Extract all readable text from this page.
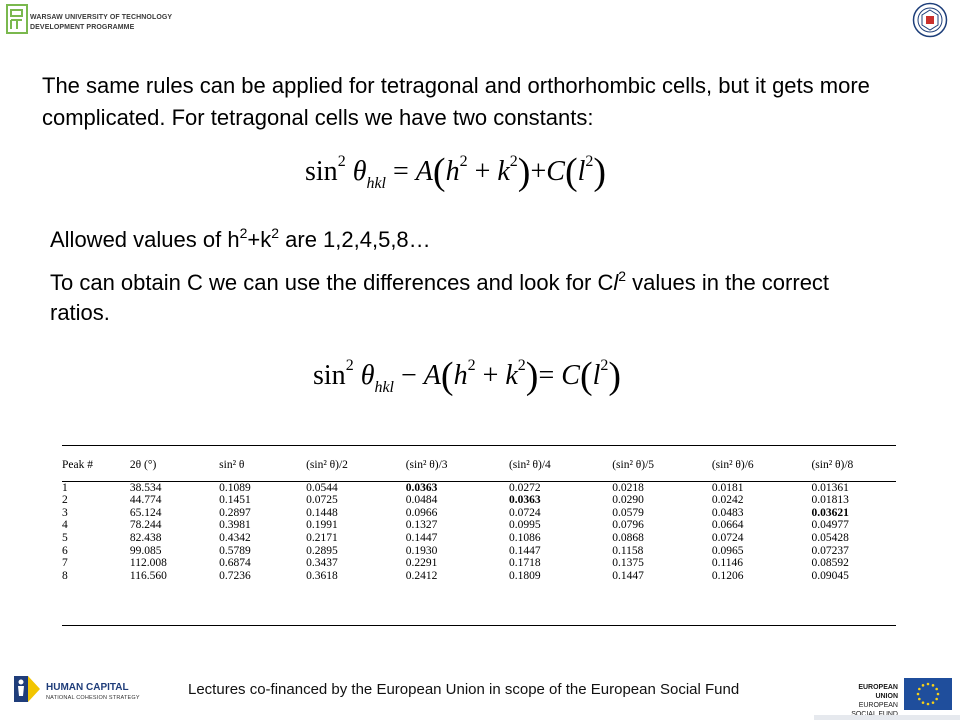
WARSAW UNIVERSITY OF TECHNOLOGY
DEVELOPMENT PROGRAMME
The same rules can be applied for tetragonal and orthorhombic cells, but it gets more complicated. For tetragonal cells we have two constants:
$\sin^2 \theta_{hkl} = A(h^2 + k^2)+C(l^2)$
Allowed values of $h^2+k^2$ are 1,2,4,5,8…
To can obtain C we can use the differences and look for Cl$^2$ values in the correct ratios.
$\sin^2 \theta_{hkl} - A(h^2 + k^2)= C(l^2)$
Peak #	2θ (°)	sin² θ	(sin² θ)/2	(sin² θ)/3	(sin² θ)/4	(sin² θ)/5	(sin² θ)/6	(sin² θ)/8

1	38.534	0.1089	0.0544	0.0363	0.0272	0.0218	0.0181	0.01361
2	44.774	0.1451	0.0725	0.0484	0.0363	0.0290	0.0242	0.01813
3	65.124	0.2897	0.1448	0.0966	0.0724	0.0579	0.0483	0.03621
4	78.244	0.3981	0.1991	0.1327	0.0995	0.0796	0.0664	0.04977
5	82.438	0.4342	0.2171	0.1447	0.1086	0.0868	0.0724	0.05428
6	99.085	0.5789	0.2895	0.1930	0.1447	0.1158	0.0965	0.07237
7	112.008	0.6874	0.3437	0.2291	0.1718	0.1375	0.1146	0.08592
8	116.560	0.7236	0.3618	0.2412	0.1809	0.1447	0.1206	0.09045
HUMAN CAPITAL
NATIONAL COHESION STRATEGY	Lectures co-financed by the European Union in scope of the European Social Fund	EUROPEAN UNION
EUROPEAN
